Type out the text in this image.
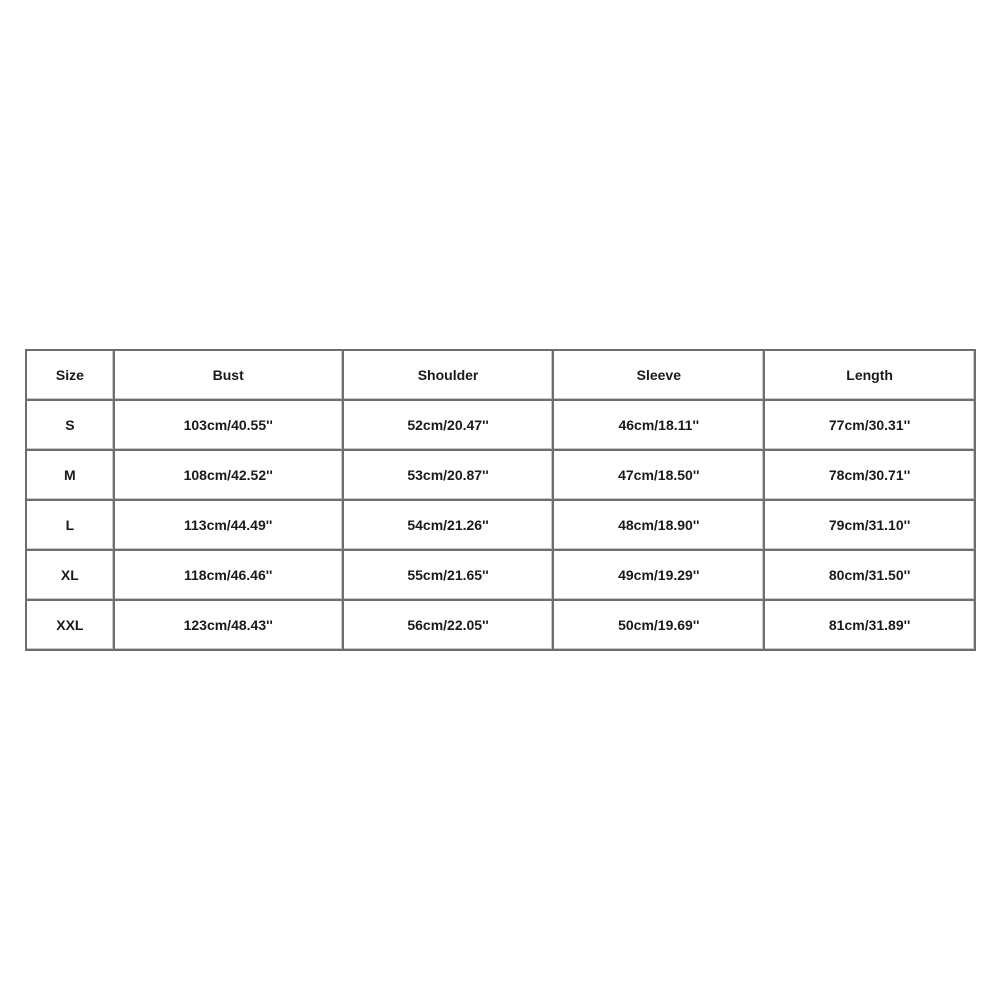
Size	Bust	Shoulder	Sleeve	Length
S	103cm/40.55''	52cm/20.47''	46cm/18.11''	77cm/30.31''
M	108cm/42.52''	53cm/20.87''	47cm/18.50''	78cm/30.71''
L	113cm/44.49''	54cm/21.26''	48cm/18.90''	79cm/31.10''
XL	118cm/46.46''	55cm/21.65''	49cm/19.29''	80cm/31.50''
XXL	123cm/48.43''	56cm/22.05''	50cm/19.69''	81cm/31.89''
